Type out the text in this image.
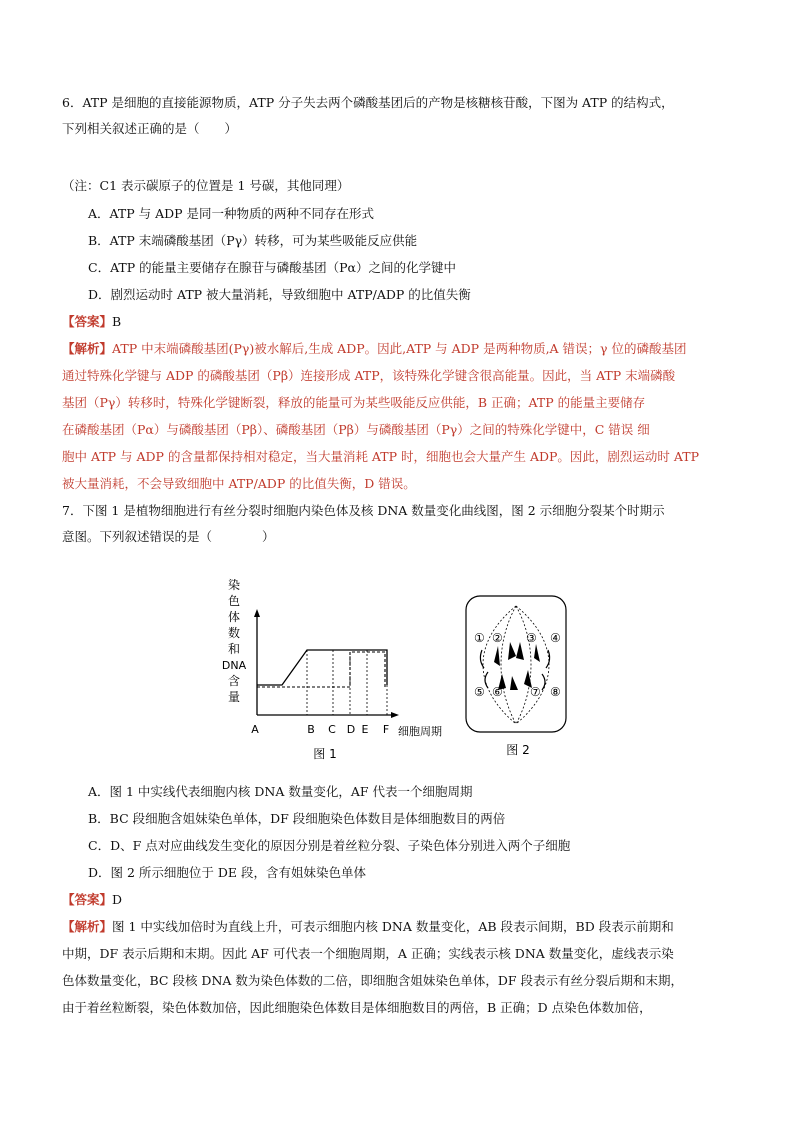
6．ATP 是细胞的直接能源物质，ATP 分子失去两个磷酸基团后的产物是核糖核苷酸，下图为 ATP 的结构式，
下列相关叙述正确的是（　　）
（注：C1 表示碳原子的位置是 1 号碳，其他同理）
A．ATP 与 ADP 是同一种物质的两种不同存在形式
B．ATP 末端磷酸基团（Pγ）转移，可为某些吸能反应供能
C．ATP 的能量主要储存在腺苷与磷酸基团（Pα）之间的化学键中
D．剧烈运动时 ATP 被大量消耗，导致细胞中 ATP/ADP 的比值失衡
【答案】B
【解析】ATP 中末端磷酸基团(Pγ)被水解后,生成 ADP。因此,ATP 与 ADP 是两种物质,A 错误；γ 位的磷酸基团
通过特殊化学键与 ADP 的磷酸基团（Pβ）连接形成 ATP，该特殊化学键含很高能量。因此，当 ATP 末端磷酸
基团（Pγ）转移时，特殊化学键断裂，释放的能量可为某些吸能反应供能，B 正确；ATP 的能量主要储存
在磷酸基团（Pα）与磷酸基团（Pβ）、磷酸基团（Pβ）与磷酸基团（Pγ）之间的特殊化学键中，C 错误 细
胞中 ATP 与 ADP 的含量都保持相对稳定，当大量消耗 ATP 时，细胞也会大量产生 ADP。因此，剧烈运动时 ATP
被大量消耗，不会导致细胞中 ATP/ADP 的比值失衡，D 错误。
7．下图 1 是植物细胞进行有丝分裂时细胞内染色体及核 DNA 数量变化曲线图，图 2 示细胞分裂某个时期示
意图。下列叙述错误的是（　　　　）
染
色
体
数
和
DNA
含
量
A	B C D E F 细胞周期
图 1
① ② ③ ④
⑤ ⑥ ⑦ ⑧
图 2
A．图 1 中实线代表细胞内核 DNA 数量变化，AF 代表一个细胞周期
B．BC 段细胞含姐妹染色单体，DF 段细胞染色体数目是体细胞数目的两倍
C．D、F 点对应曲线发生变化的原因分别是着丝粒分裂、子染色体分别进入两个子细胞
D．图 2 所示细胞位于 DE 段，含有姐妹染色单体
【答案】D
【解析】图 1 中实线加倍时为直线上升，可表示细胞内核 DNA 数量变化，AB 段表示间期，BD 段表示前期和
中期，DF 表示后期和末期。因此 AF 可代表一个细胞周期，A 正确；实线表示核 DNA 数量变化，虚线表示染
色体数量变化，BC 段核 DNA 数为染色体数的二倍，即细胞含姐妹染色单体，DF 段表示有丝分裂后期和末期，
由于着丝粒断裂，染色体数加倍，因此细胞染色体数目是体细胞数目的两倍，B 正确；D 点染色体数加倍，
